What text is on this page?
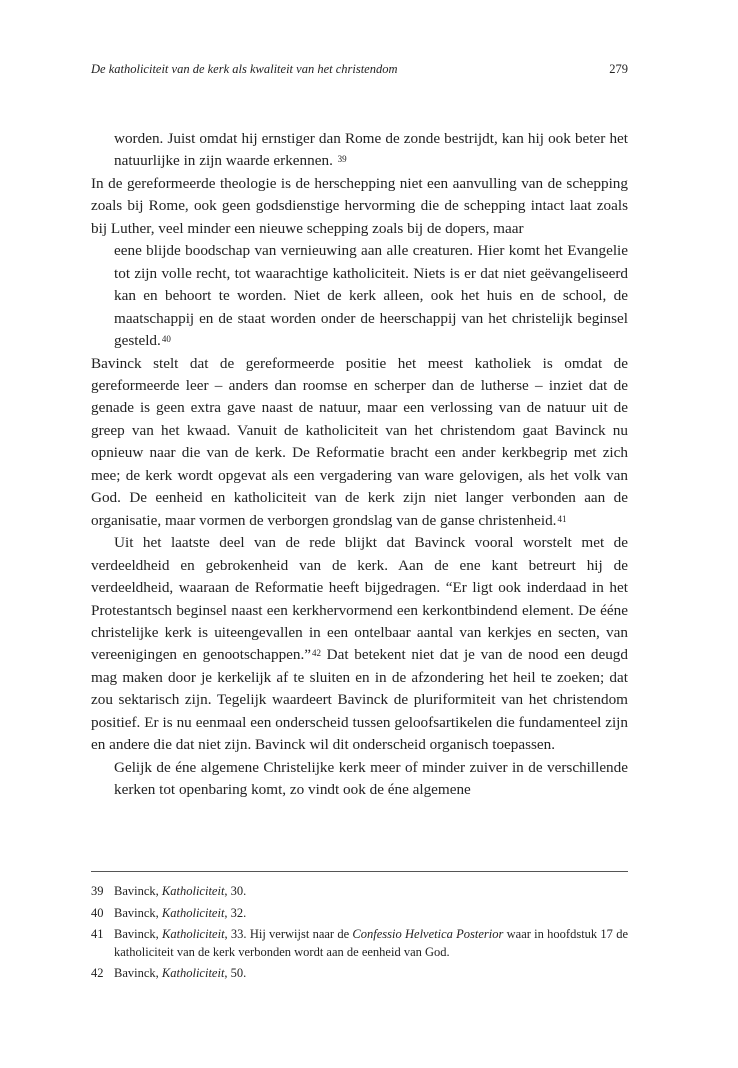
De katholiciteit van de kerk als kwaliteit van het christendom	279

worden. Juist omdat hij ernstiger dan Rome de zonde bestrijdt, kan hij ook beter het natuurlijke in zijn waarde erkennen. $^{39}$

In de gereformeerde theologie is de herschepping niet een aanvulling van de schepping zoals bij Rome, ook geen godsdienstige hervorming die de schepping intact laat zoals bij Luther, veel minder een nieuwe schepping zoals bij de dopers, maar

eene blijde boodschap van vernieuwing aan alle creaturen. Hier komt het Evangelie tot zijn volle recht, tot waarachtige katholiciteit. Niets is er dat niet geëvangeliseerd kan en behoort te worden. Niet de kerk alleen, ook het huis en de school, de maatschappij en de staat worden onder de heerschappij van het christelijk beginsel gesteld.$^{40}$

Bavinck stelt dat de gereformeerde positie het meest katholiek is omdat de gereformeerde leer – anders dan roomse en scherper dan de lutherse – inziet dat de genade is geen extra gave naast de natuur, maar een verlossing van de natuur uit de greep van het kwaad. Vanuit de katholiciteit van het christendom gaat Bavinck nu opnieuw naar die van de kerk. De Reformatie bracht een ander kerkbegrip met zich mee; de kerk wordt opgevat als een vergadering van ware gelovigen, als het volk van God. De eenheid en katholiciteit van de kerk zijn niet langer verbonden aan de organisatie, maar vormen de verborgen grondslag van de ganse christenheid.$^{41}$

Uit het laatste deel van de rede blijkt dat Bavinck vooral worstelt met de verdeeldheid en gebrokenheid van de kerk. Aan de ene kant betreurt hij de verdeeldheid, waaraan de Reformatie heeft bijgedragen. “Er ligt ook inderdaad in het Protestantsch beginsel naast een kerkhervormend een kerkontbindend element. De ééne christelijke kerk is uiteengevallen in een ontelbaar aantal van kerkjes en secten, van vereenigingen en genootschappen.”$^{42}$ Dat betekent niet dat je van de nood een deugd mag maken door je kerkelijk af te sluiten en in de afzondering het heil te zoeken; dat zou sektarisch zijn. Tegelijk waardeert Bavinck de pluriformiteit van het christendom positief. Er is nu eenmaal een onderscheid tussen geloofsartikelen die fundamenteel zijn en andere die dat niet zijn. Bavinck wil dit onderscheid organisch toepassen.

Gelijk de éne algemene Christelijke kerk meer of minder zuiver in de verschillende kerken tot openbaring komt, zo vindt ook de éne algemene

39 Bavinck, Katholiciteit, 30.
40 Bavinck, Katholiciteit, 32.
41 Bavinck, Katholiciteit, 33. Hij verwijst naar de Confessio Helvetica Posterior waar in hoofdstuk 17 de katholiciteit van de kerk verbonden wordt aan de eenheid van God.
42 Bavinck, Katholiciteit, 50.
